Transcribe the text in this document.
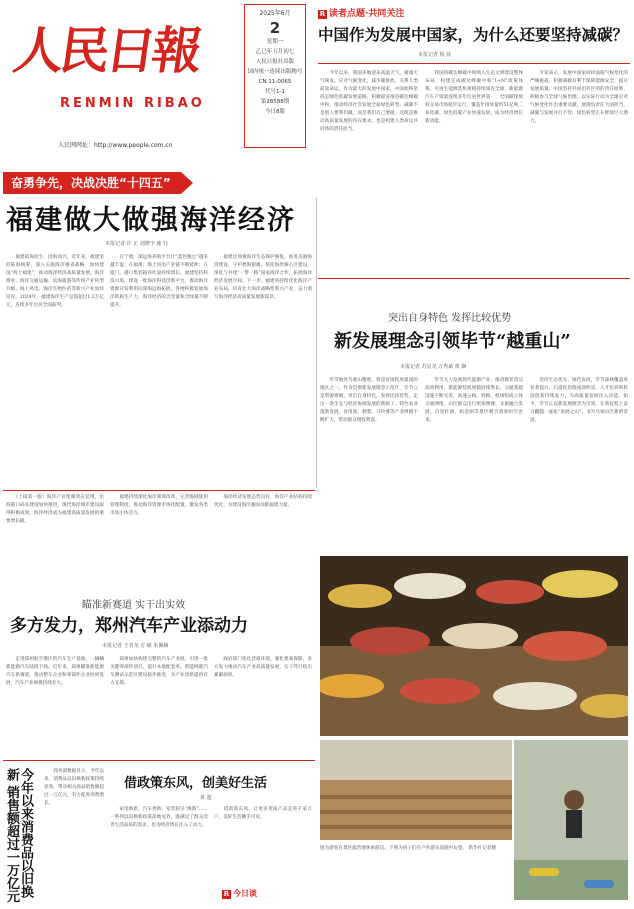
人民日報
RENMIN RIBAO
人民网网址：http://www.people.com.cn
2025年6月
2
星期一
乙巳年五月初七
人民日报社出版
国内统一连续出版物号
CN 11-0065
代号1-1
第28588期
今日8版
R 读者点题·共同关注
中国作为发展中国家，为什么还要坚持减碳？
本报记者 杨 晨
　　今年以来，我国多地迎来高温天气，极端天气频发。应对气候变化，减少碳排放，关系人类前途命运。作为最大的发展中国家，中国始终坚持走绿色低碳发展道路，积极稳妥推进碳达峰碳中和，推动经济社会发展全面绿色转型。减碳不是别人要我们做，而是我们自己要做。这既是推动高质量发展的内在要求，也是构建人类命运共同体的责任担当。
　　我国将碳达峰碳中和纳入生态文明建设整体布局，构建完成碳达峰碳中和“1+N”政策体系。可再生能源装机规模持续领先全球，新能源汽车产销量连续多年位居世界第一。全国碳排放权交易市场稳步运行，覆盖年排放量约51亿吨二氧化碳。绿色低碳产业快速发展，成为经济增长新动能。
　　专家表示，发展中国家同样面临气候变化的严峻挑战，积极减碳有利于保障能源安全、提升发展质量。中国坚持共同但有区别的责任原则，积极参与全球气候治理，以实际行动为全球应对气候变化作出重要贡献，展现负责任大国担当。减碳与发展并行不悖，绿色转型正在释放巨大潜力。
奋勇争先，决战决胜“十四五”
福建做大做强海洋经济
本报记者 许 正 刘晓宇 施 钰
　　福建依海而生、因海而兴。近年来，福建坚持陆海统筹，深入实施海洋强省战略，加快建设“海上福建”，推动海洋经济高质量发展。海洋渔业、海洋交通运输、滨海旅游等传统产业转型升级，海上风电、海洋生物医药等新兴产业加快培育。2024年，福建海洋生产总值超过1.2万亿元，连续多年位居全国前列。
　　在宁德，深远海养殖平台让“蓝色粮仓”越来越丰盈；在福州，海上风电产业链不断延伸；在厦门，港口集装箱吞吐量持续增长。福建坚持科技兴海，建设一批海洋科技创新平台，推动海洋资源开发利用向深海远海拓展。各地积极发展海洋新质生产力，海洋经济的含金量和含绿量不断提升。
　　福建还加强海洋生态保护修复，推进美丽海湾建设，守护碧海银滩。依托海丝核心区建设，深化与共建“一带一路”国家海洋合作，拓展海洋经济发展空间。下一步，福建将持续优化海洋产业布局，培育壮大海洋战略性新兴产业，奋力谱写海洋经济高质量发展新篇章。
突出自身特色 发挥比较优势
新发展理念引领毕节“越重山”
本报记者 苏显龙 万秀斌 黄 娴
　　毕节地处乌蒙山腹地，曾是贫困程度最深的地区之一。作为贯彻新发展理念示范区，毕节立足资源禀赋，突出自身特色，发挥比较优势，走出一条生态与经济协调发展的新路子。特色农业蓬勃发展，食用菌、刺梨、马铃薯等产业规模不断扩大，带动群众增收致富。
　　毕节大力发展现代能源产业，推动煤炭清洁高效利用，新能源装机规模持续增长。交通基础设施不断完善，高速公路、铁路、机场构成立体交通网络，山区群众出行更加便捷。文旅融合发展，百里杜鹃、织金洞等景区吸引游客纷至沓来。
　　坚持生态优先、绿色发展，毕节森林覆盖率显著提升，石漠化治理成效明显。人才培养和科技创新持续发力，为高质量发展注入动能。如今，毕节正以新发展理念为引领，在新征程上奋力翻越一座座“发展之山”，书写乌蒙山区新的奇迹。
　　（上接第一版）海洋产业集聚效应显现，沿海港口码头建设加快推进，现代海洋城市建设取得积极成效，海洋经济成为福建高质量发展的重要增长极。
　　福建持续深化海洋领域改革，完善海域使用管理制度，推动海洋资源市场化配置，激发各类市场主体活力。
　　海洋经济发展态势良好，海洋产业结构持续优化，为建设海洋强国贡献福建力量。
瞄准新赛道 实干出实效
多方发力，郑州汽车产业添动力
本报记者 王者龙 方 敏 朱佩娴
　　走进郑州航空港区的汽车生产基地，一辆辆新能源汽车陆续下线。近年来，郑州瞄准新能源汽车新赛道，推动整车企业和零部件企业协同发展，汽车产业规模持续壮大。
　　郑州加快构建完整的汽车产业链，引进一批关键零部件项目，提升本地配套率。智能网联汽车测试示范区建设稳步推进，为产业创新提供有力支撑。
　　政府部门优化营商环境，强化要素保障，多方发力推动汽车产业高质量发展，实干笃行结出累累硕果。
图为游客在景区露营地休闲游玩。下图为孩子们在户外游乐设施中玩耍。 新华社记者摄
今年以来消费品以旧换新 销售额超过一万亿元	　　商务部数据显示，今年以来，消费品以旧换新政策持续显效，带动相关商品销售额超过一万亿元，有力促进消费增长。
借政策东风，创美好生活
黄 超
　　家电焕新、汽车更新、家装厨卫“焕新”……一系列以旧换新政策落地见效，既满足了群众改善生活品质的需求，也为经济增长注入了动力。
　　借政策东风，让更多优质产品走进千家万户，美好生活触手可及。
R 今日谈
